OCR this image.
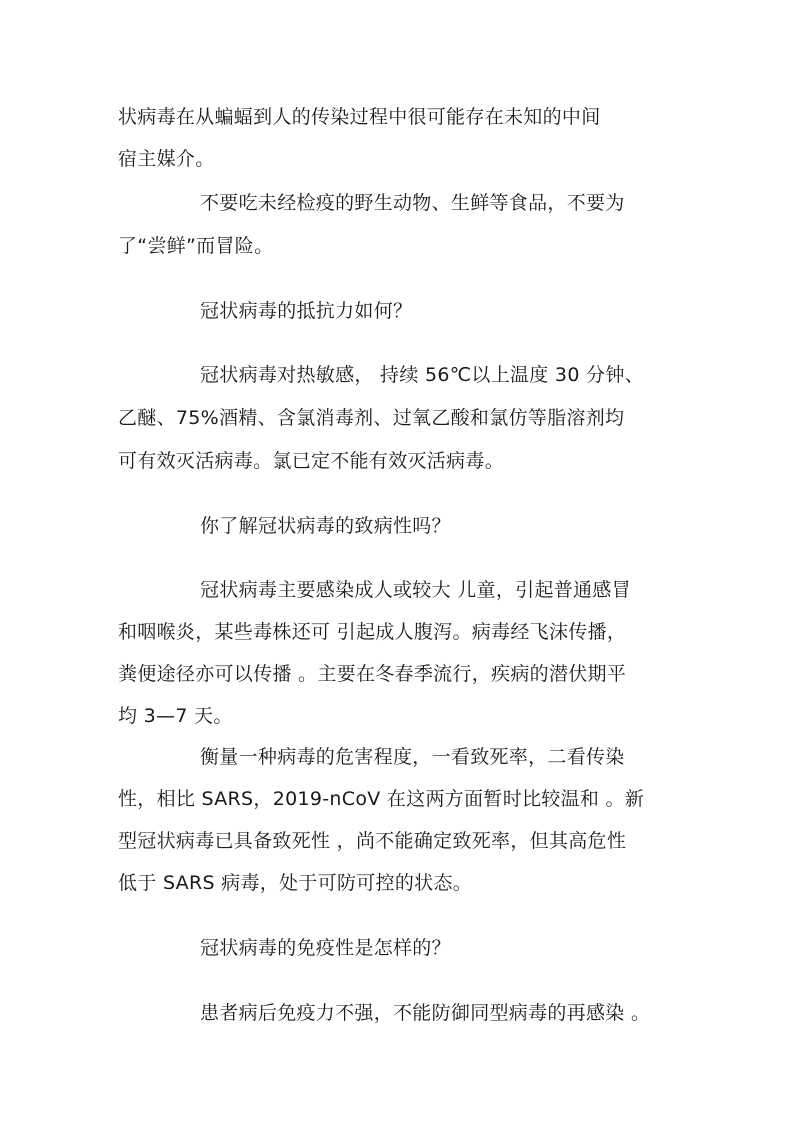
状病毒在从蝙蝠到人的传染过程中很可能存在未知的中间
宿主媒介。
不要吃未经检疫的野生动物、生鲜等食品，不要为
了“尝鲜”而冒险。
冠状病毒的抵抗力如何？
冠状病毒对热敏感， 持续 56℃以上温度 30 分钟、
乙醚、75%酒精、含氯消毒剂、过氧乙酸和氯仿等脂溶剂均
可有效灭活病毒。氯已定不能有效灭活病毒。
你了解冠状病毒的致病性吗？
冠状病毒主要感染成人或较大 儿童，引起普通感冒
和咽喉炎，某些毒株还可 引起成人腹泻。病毒经飞沫传播，
粪便途径亦可以传播 。主要在冬春季流行，疾病的潜伏期平
均 3—7 天。
衡量一种病毒的危害程度，一看致死率，二看传染
性，相比 SARS，2019-nCoV 在这两方面暂时比较温和 。新
型冠状病毒已具备致死性 ，尚不能确定致死率，但其高危性
低于 SARS 病毒，处于可防可控的状态。
冠状病毒的免疫性是怎样的？
患者病后免疫力不强，不能防御同型病毒的再感染 。
